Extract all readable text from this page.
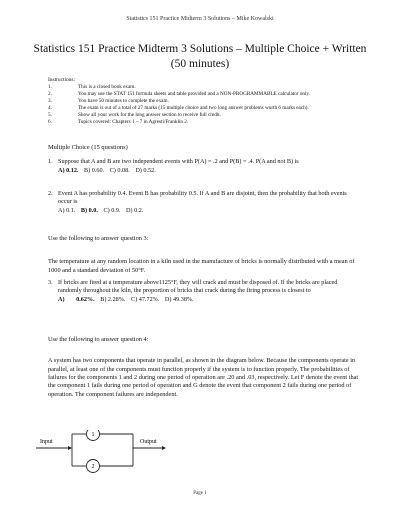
Statistics 151 Practice Midterm 3 Solutions – Mike Kowalski

Statistics 151 Practice Midterm 3 Solutions – Multiple Choice + Written (50 minutes)

Instructions:

1.	This is a closed book exam.
2.	You may use the STAT 151 formula sheets and table provided and a NON-PROGRAMMABLE calculator only.
3.	You have 50 minutes to complete the exam.
4.	The exam is out of a total of 27 marks (15 multiple choice and two long answer problems worth 6 marks each).
5.	Show all your work for the long answer section to receive full credit.
6.	Topics covered: Chapters 1 – 7 in Agresti/Franklin 2.

Multiple Choice (15 questions)

1. Suppose that A and B are two independent events with P(A) = .2 and P(B) = .4. P(A and not B) is
A) 0.12. B) 0.60. C) 0.08. D) 0.52.
2. Event A has probability 0.4. Event B has probability 0.5. If A and B are disjoint, then the probability that both events occur is
A) 0.1. B) 0.0. C) 0.9. D) 0.2.

Use the following to answer question 3:

The temperature at any random location in a kiln used in the manufacture of bricks is normally distributed with a mean of 1000 and a standard deviation of 50°F.

3. If bricks are fired at a temperature above1125°F, they will crack and must be disposed of. If the bricks are placed randomly throughout the kiln, the proportion of bricks that crack during the firing process is closest to
A) 0.62%. B) 2.28%. C) 47.72%. D) 49.38%.

Use the following to answer question 4:

A system has two components that operate in parallel, as shown in the diagram below. Because the components operate in parallel, at least one of the components must function properly if the system is to function properly. The probabilities of failures for the components 1 and 2 during one period of operation are .20 and .03, respectively. Let F denote the event that the component 1 fails during one period of operation and G denote the event that component 2 fails during one period of operation. The component failures are independent.

1
2
Input	Output

Page 1
